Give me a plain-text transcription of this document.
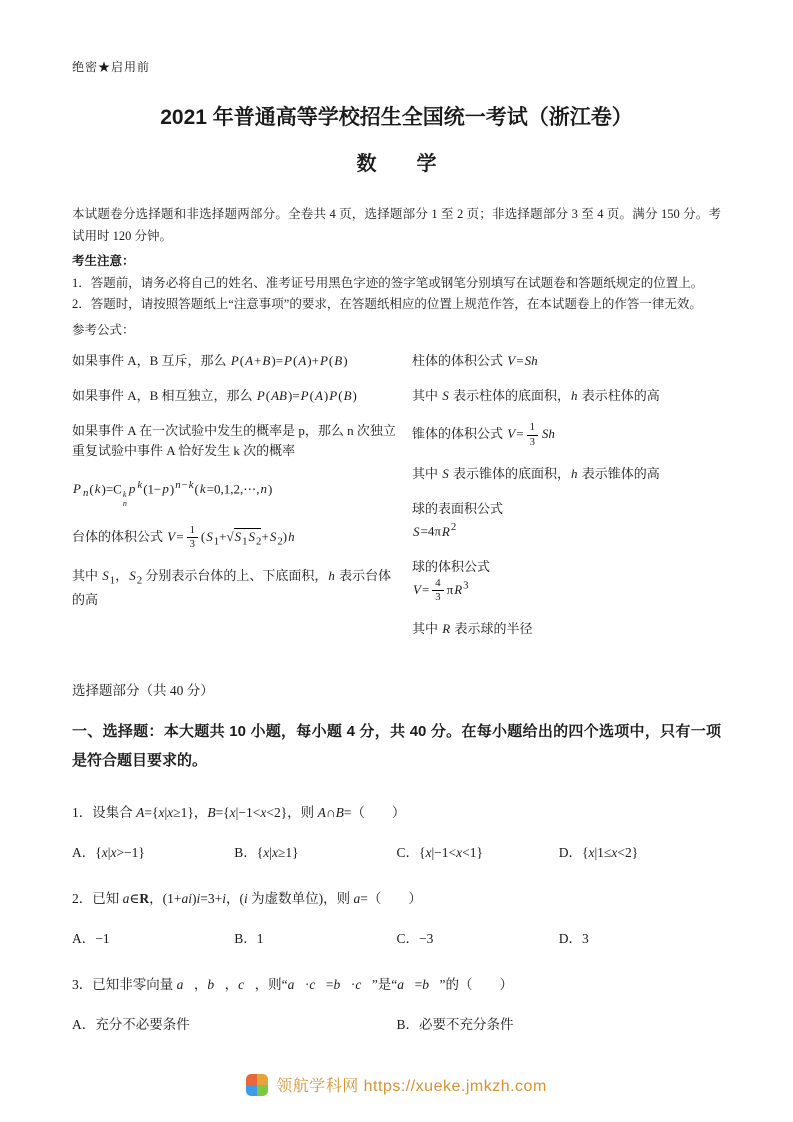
绝密★启用前
2021 年普通高等学校招生全国统一考试（浙江卷）
数　　学

本试题卷分选择题和非选择题两部分。全卷共 4 页，选择题部分 1 至 2 页；非选择题部分 3 至 4 页。满分 150 分。考试用时 120 分钟。

考生注意：

1．答题前，请务必将自己的姓名、准考证号用黑色字迹的签字笔或钢笔分别填写在试题卷和答题纸规定的位置上。

2．答题时，请按照答题纸上“注意事项”的要求，在答题纸相应的位置上规范作答，在本试题卷上的作答一律无效。

参考公式：

如果事件 A，B 互斥，那么 P(A+B)=P(A)+P(B)
如果事件 A，B 相互独立，那么 P(AB)=P(A)P(B)
如果事件 A 在一次试验中发生的概率是 p，那么 n 次独立重复试验中事件 A 恰好发生 k 次的概率
P $_n$(k)=C k
n
p $^k(1-p)^{n-k}(k=0,1,2,\cdots,n)$
台体的体积公式 $V= \frac{1}{3} (S_1+√S_1S_2+S_2)h$
其中 $S_1$，$S_2$ 分别表示台体的上、下底面积，h 表示台体的高
柱体的体积公式 V=Sh
其中 S 表示柱体的底面积，h 表示柱体的高
锥体的体积公式 $V= \frac{1}{3}$ Sh
其中 S 表示锥体的底面积，h 表示锥体的高
球的表面积公式
$S=4\pi R^2$
球的体积公式
$V= \frac{4}{3} \pi R^3$
其中 R 表示球的半径

选择题部分（共 40 分）

一、选择题：本大题共 10 小题，每小题 4 分，共 40 分。在每小题给出的四个选项中，只有一项是符合题目要求的。

1．设集合 A={x|x≥1}，B={x|−1<x<2}，则 A∩B=（　　）

A．{x|x>−1}	B．{x|x≥1}	C．{x|−1<x<1}	D．{x|1≤x<2}

2．已知 a∈R，(1+ai)i=3+i，(i 为虚数单位)，则 a=（　　）

A．−1	B．1	C．−3	D．3

3．已知非零向量 a⃗，b⃗，c⃗，则“a⃗·c⃗=b⃗·c⃗”是“a⃗=b⃗”的（　　）

A．充分不必要条件	B．必要不充分条件
领航学科网 https://xueke.jmkzh.com
